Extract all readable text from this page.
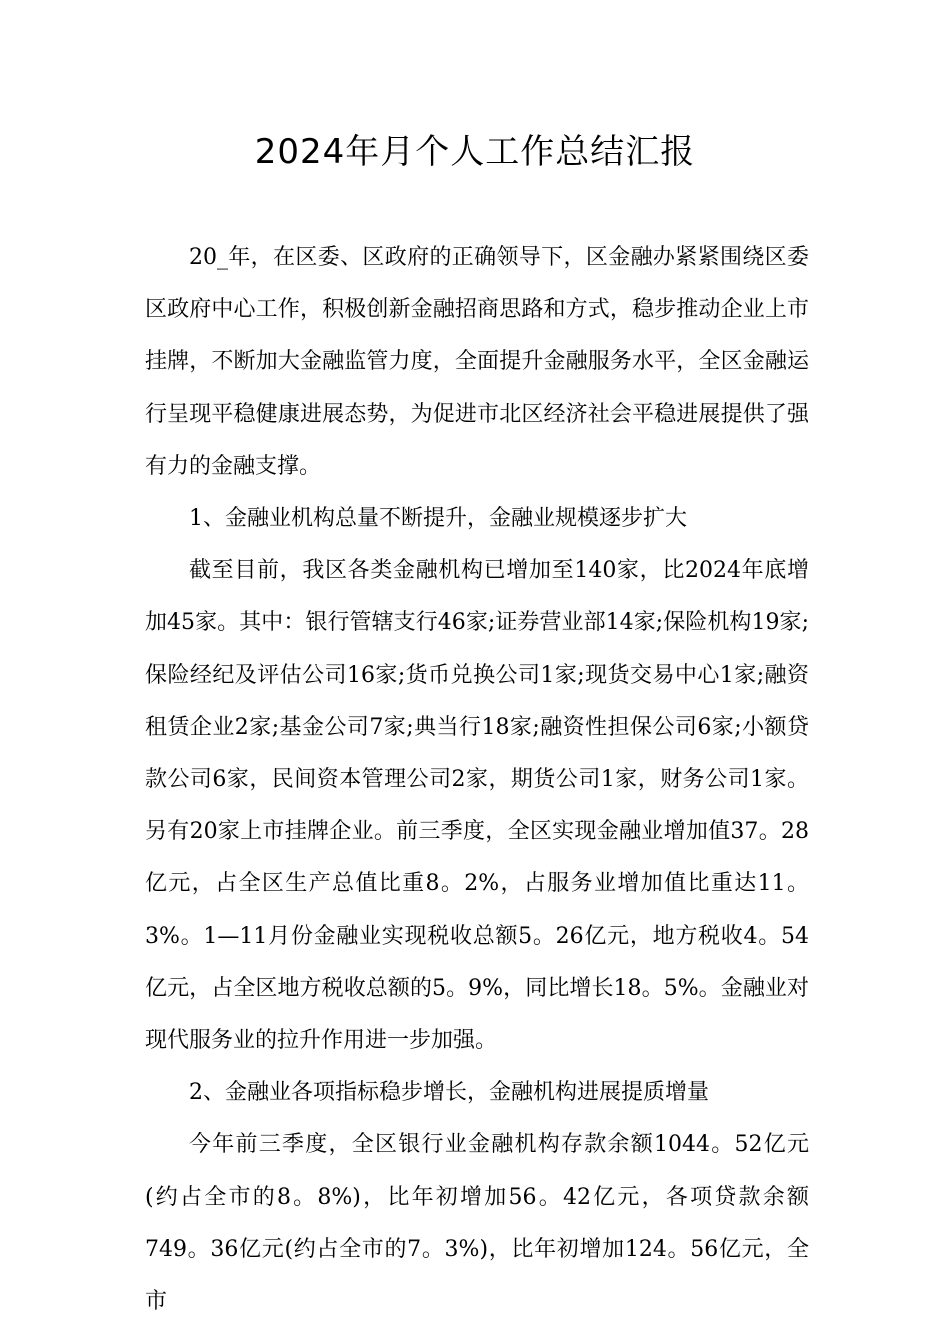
2024年月个人工作总结汇报

20_年，在区委、区政府的正确领导下，区金融办紧紧围绕区委区政府中心工作，积极创新金融招商思路和方式，稳步推动企业上市挂牌，不断加大金融监管力度，全面提升金融服务水平，全区金融运行呈现平稳健康进展态势，为促进市北区经济社会平稳进展提供了强有力的金融支撑。

1、金融业机构总量不断提升，金融业规模逐步扩大

截至目前，我区各类金融机构已增加至140家，比2024年底增加45家。其中：银行管辖支行46家;证券营业部14家;保险机构19家;保险经纪及评估公司16家;货币兑换公司1家;现货交易中心1家;融资租赁企业2家;基金公司7家;典当行18家;融资性担保公司6家;小额贷款公司6家，民间资本管理公司2家，期货公司1家，财务公司1家。另有20家上市挂牌企业。前三季度，全区实现金融业增加值37。28亿元，占全区生产总值比重8。2%，占服务业增加值比重达11。3%。1—11月份金融业实现税收总额5。26亿元，地方税收4。54亿元，占全区地方税收总额的5。9%，同比增长18。5%。金融业对现代服务业的拉升作用进一步加强。

2、金融业各项指标稳步增长，金融机构进展提质增量

今年前三季度，全区银行业金融机构存款余额1044。52亿元(约占全市的8。8%)，比年初增加56。42亿元，各项贷款余额749。36亿元(约占全市的7。3%)，比年初增加124。56亿元，全市
